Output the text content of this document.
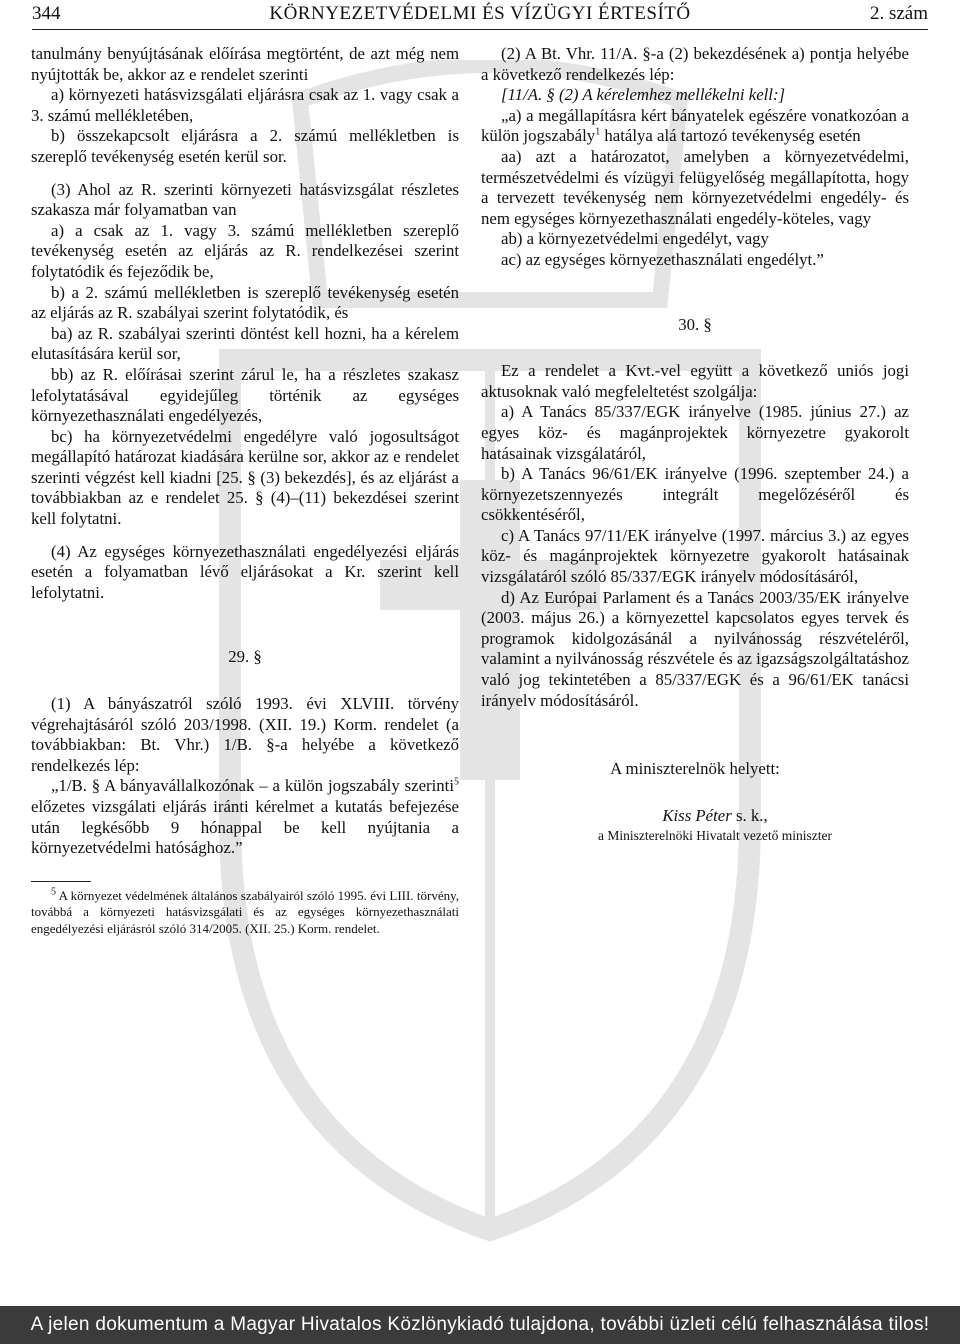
344	KÖRNYEZETVÉDELMI ÉS VÍZÜGYI ÉRTESÍTŐ	2. szám

tanulmány benyújtásának előírása megtörtént, de azt még nem nyújtották be, akkor az e rendelet szerinti

a) környezeti hatásvizsgálati eljárásra csak az 1. vagy csak a 3. számú mellékletében,

b) összekapcsolt eljárásra a 2. számú mellékletben is szereplő tevékenység esetén kerül sor.

(3) Ahol az R. szerinti környezeti hatásvizsgálat részletes szakasza már folyamatban van

a) a csak az 1. vagy 3. számú mellékletben szereplő tevékenység esetén az eljárás az R. rendelkezései szerint folytatódik és fejeződik be,

b) a 2. számú mellékletben is szereplő tevékenység esetén az eljárás az R. szabályai szerint folytatódik, és

ba) az R. szabályai szerinti döntést kell hozni, ha a kérelem elutasítására kerül sor,

bb) az R. előírásai szerint zárul le, ha a részletes szakasz lefolytatásával egyidejűleg történik az egységes környezethasználati engedélyezés,

bc) ha környezetvédelmi engedélyre való jogosultságot megállapító határozat kiadására kerülne sor, akkor az e rendelet szerinti végzést kell kiadni [25. § (3) bekezdés], és az eljárást a továbbiakban az e rendelet 25. § (4)–(11) bekezdései szerint kell folytatni.

(4) Az egységes környezethasználati engedélyezési eljárás esetén a folyamatban lévő eljárásokat a Kr. szerint kell lefolytatni.

29. §

(1) A bányászatról szóló 1993. évi XLVIII. törvény végrehajtásáról szóló 203/1998. (XII. 19.) Korm. rendelet (a továbbiakban: Bt. Vhr.) 1/B. §-a helyébe a következő rendelkezés lép:

„1/B. § A bányavállalkozónak – a külön jogszabály szerinti$^5$ előzetes vizsgálati eljárás iránti kérelmet a kutatás befejezése után legkésőbb 9 hónappal be kell nyújtania a környezetvédelmi hatósághoz.”

$^5$ A környezet védelmének általános szabályairól szóló 1995. évi LIII. törvény, továbbá a környezeti hatásvizsgálati és az egységes környezethasználati engedélyezési eljárásról szóló 314/2005. (XII. 25.) Korm. rendelet.

(2) A Bt. Vhr. 11/A. §-a (2) bekezdésének a) pontja helyébe a következő rendelkezés lép:

[11/A. § (2) A kérelemhez mellékelni kell:]

„a) a megállapításra kért bányatelek egészére vonatkozóan a külön jogszabály$^1$ hatálya alá tartozó tevékenység esetén

aa) azt a határozatot, amelyben a környezetvédelmi, természetvédelmi és vízügyi felügyelőség megállapította, hogy a tervezett tevékenység nem környezetvédelmi engedély- és nem egységes környezethasználati engedély-köteles, vagy

ab) a környezetvédelmi engedélyt, vagy

ac) az egységes környezethasználati engedélyt.”

30. §

Ez a rendelet a Kvt.-vel együtt a következő uniós jogi aktusoknak való megfeleltetést szolgálja:

a) A Tanács 85/337/EGK irányelve (1985. június 27.) az egyes köz- és magánprojektek környezetre gyakorolt hatásainak vizsgálatáról,

b) A Tanács 96/61/EK irányelve (1996. szeptember 24.) a környezetszennyezés integrált megelőzéséről és csökkentéséről,

c) A Tanács 97/11/EK irányelve (1997. március 3.) az egyes köz- és magánprojektek környezetre gyakorolt hatásainak vizsgálatáról szóló 85/337/EGK irányelv módosításáról,

d) Az Európai Parlament és a Tanács 2003/35/EK irányelve (2003. május 26.) a környezettel kapcsolatos egyes tervek és programok kidolgozásánál a nyilvánosság részvételéről, valamint a nyilvánosság részvétele és az igazságszolgáltatáshoz való jog tekintetében a 85/337/EGK és a 96/61/EK tanácsi irányelv módosításáról.

A miniszterelnök helyett:

Kiss Péter s. k.,

a Miniszterelnöki Hivatalt vezető miniszter

A jelen dokumentum a Magyar Hivatalos Közlönykiadó tulajdona, további üzleti célú felhasználása tilos!
